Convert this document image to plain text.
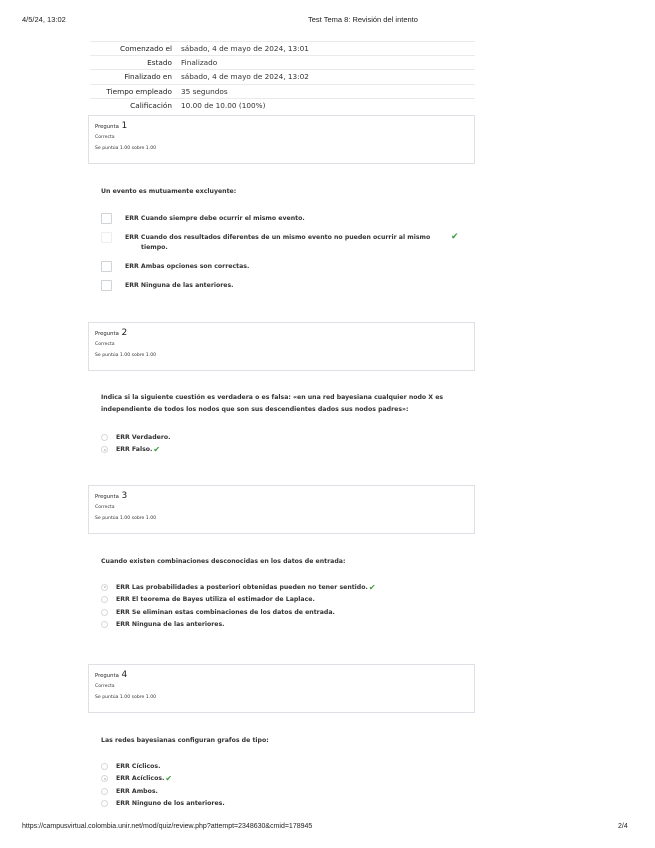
4/5/24, 13:02	Test Tema 8: Revisión del intento
Comenzado el	sábado, 4 de mayo de 2024, 13:01
Estado	Finalizado
Finalizado en	sábado, 4 de mayo de 2024, 13:02
Tiempo empleado	35 segundos
Calificación	10.00 de 10.00 (100%)
Pregunta 1
Correcta
Se puntúa 1.00 sobre 1.00
Un evento es mutuamente excluyente:
ERR Cuando siempre debe ocurrir el mismo evento.
ERR Cuando dos resultados diferentes de un mismo evento no pueden ocurrir al mismo
tiempo.
✔
ERR Ambas opciones son correctas.
ERR Ninguna de las anteriores.
Pregunta 2
Correcta
Se puntúa 1.00 sobre 1.00
Indica si la siguiente cuestión es verdadera o es falsa: «en una red bayesiana cualquier nodo X es independiente de todos los nodos que son sus descendientes dados sus nodos padres»:
ERR Verdadero.
ERR Falso. ✔
Pregunta 3
Correcta
Se puntúa 1.00 sobre 1.00
Cuando existen combinaciones desconocidas en los datos de entrada:
ERR Las probabilidades a posteriori obtenidas pueden no tener sentido. ✔
ERR El teorema de Bayes utiliza el estimador de Laplace.
ERR Se eliminan estas combinaciones de los datos de entrada.
ERR Ninguna de las anteriores.
Pregunta 4
Correcta
Se puntúa 1.00 sobre 1.00
Las redes bayesianas configuran grafos de tipo:
ERR Cíclicos.
ERR Acíclicos. ✔
ERR Ambos.
ERR Ninguno de los anteriores.
https://campusvirtual.colombia.unir.net/mod/quiz/review.php?attempt=2348630&cmid=178945	2/4
